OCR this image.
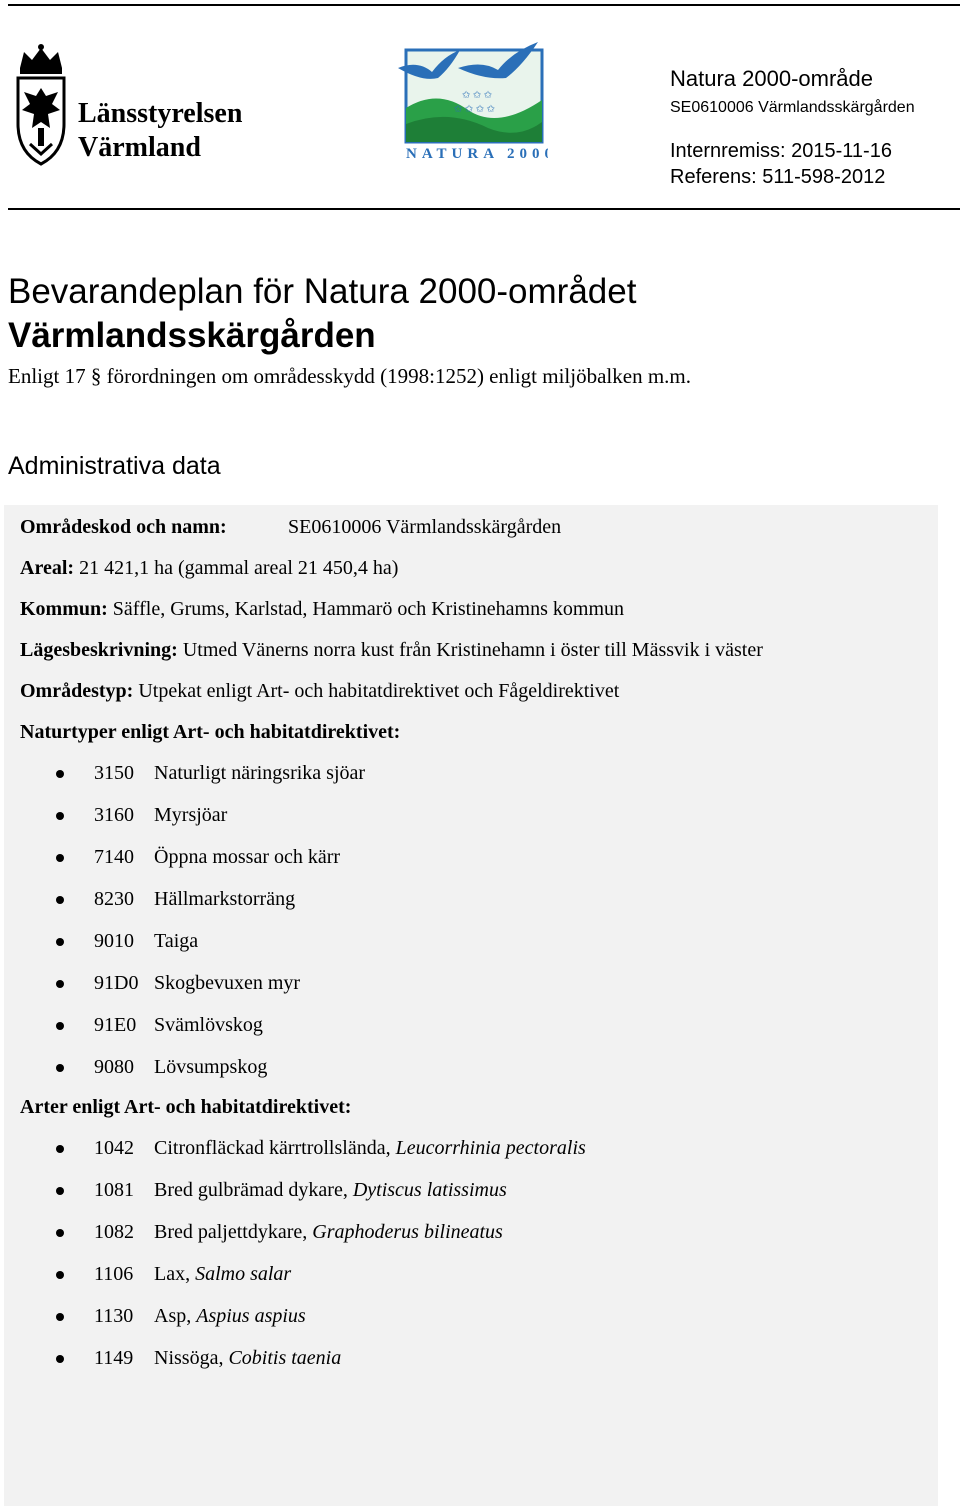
Länsstyrelsen
Värmland
✩ ✩ ✩
✩ ✩ ✩ ✩
NATURA 2000
Natura 2000-område
SE0610006 Värmlandsskärgården
Internremiss: 2015-11-16
Referens: 511-598-2012
Bevarandeplan för Natura 2000-området
Värmlandsskärgården
Enligt 17 § förordningen om områdesskydd (1998:1252) enligt miljöbalken m.m.
Administrativa data
Områdeskod och namn:	SE0610006 Värmlandsskärgården
Areal: 21 421,1 ha (gammal areal 21 450,4 ha)
Kommun: Säffle, Grums, Karlstad, Hammarö och Kristinehamns kommun
Lägesbeskrivning: Utmed Vänerns norra kust från Kristinehamn i öster till Mässvik i väster
Områdestyp: Utpekat enligt Art- och habitatdirektivet och Fågeldirektivet
Naturtyper enligt Art- och habitatdirektivet:
3150 Naturligt näringsrika sjöar
3160 Myrsjöar
7140 Öppna mossar och kärr
8230 Hällmarkstorräng
9010 Taiga
91D0 Skogbevuxen myr
91E0 Svämlövskog
9080 Lövsumpskog
Arter enligt Art- och habitatdirektivet:
1042 Citronfläckad kärrtrollslända, Leucorrhinia pectoralis
1081 Bred gulbrämad dykare, Dytiscus latissimus
1082 Bred paljettdykare, Graphoderus bilineatus
1106 Lax, Salmo salar
1130 Asp, Aspius aspius
1149 Nissöga, Cobitis taenia
